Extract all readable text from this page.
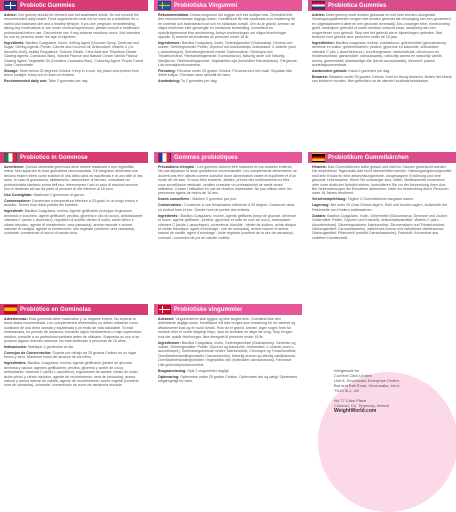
Probiotic Gummies

Advice: Our gummy should be chewed and not swallowed whole. Do not exceed the recommended daily intake. Food supplements must not be used as a substitute for a varied and balanced diet and a healthy lifestyle. If you are pregnant, breastfeeding, taking any medications or are under medical supervision, please consult a healthcare professional before use. Discontinue use if any adverse reactions occur. Not intended for use by persons under the age of eighteen.

Ingredients: Bacillus Coagulans, Inulin, Gelling Agent (Glucose Syrup, Dextrose and Sugar, Gelling Agents: Pectin, Carrots and Coconut oil, Antioxidant: Vitamin C (i.e. Ascorbic Acid), Acidity Regulators: Sodium Citrate, Citric Acid and Trisodium Citrate, Glazing Agents: Carnauba Wax), Natural Flavour and Natural Cream Vanilla Flavour, Glazing Agent: Vegetable Oil (Contains Carnauba Wax), Colouring Agent: Purple Carrot Juice Concentrate.

Storage: Store below 25 degrees Celsius. Keep in a cool, dry place and protect from direct sunlight. Keep out of reach of children.

Recommended daily use: Take 2 gummies per day.

Probiotiska Vingummi

Rekommendation: Dessa vingummi bör tuggas och inte sväljas hela. Överskrid inte den rekommenderade dagliga dosen. Kosttillskott får inte användas som ersättning för en varierad och balanserad kost och en hälsosam livsstil. Om du är gravid, ammar, tar några mediciner eller genomgår en medicinsk behandling, konsultera en sjukvårdspersonal före användning. Avbryt användningen om några biverkningar uppstår. Ej avsedd att användas av personer under 18 år.

Ingredienser: Bacillus Coagulans, Inulin, Geleringsmedel (Glukossirap, Dextros och socker, Geleringsmedel: Pektin, Glycerol och kokosnötolja, Antioxidant: C-vitamin (som L-askorbinsyra), Surhetsreglerande medel: Natriumcitrat, Citronsyra och Trinatriumcitrat, Ytbehandlingsmedel: Karnaubavax), Naturlig arom och Naturlig Vaniljarom, Ytbehandlingsmedel: Vegetabilisk olja (Innehåller Karnaubavax), Färgämne: Lila morotsjuicekoncentrat.

Förvaring: Förvaras under 25 grader Celsius. Förvaras torrt och svalt. Skyddas från direkt solljus. Förvaras utom räckhåll för barn.

Användning: Ta 2 gummies per dag.

Probiotica Gummies

Advies: Deze gummy moet worden gekauwd en niet heel worden doorgeslikt. Voedingssupplementen mogen niet worden gebruikt als vervanging van een gevarieerd en uitgebalanceerd dieet en een gezonde levensstijl. Als u zwanger bent, borstvoeding geeft, medicijnen gebruikt of onder medisch toezicht staat, raadpleeg dan een zorgverlener voor gebruik. Stop met het gebruik als er bijwerkingen optreden. Niet bedoeld voor gebruik door personen onder de 18 jaar.

Ingrediënten: Bacillus coagulans, inuline, voedselzuur, geleermiddel (glucosestroop, dextrose en suiker, geleermiddelen: pectine, glycerine en kokosolie, antioxidant: vitamine C (als L-ascorbinezuur), zuurteregelaars: natriumcitraat, citroenzuur en trinatriumcitraat, glansmiddel: carnaubawas), natuurlijk aroma en natuurlijk vanille-aroma, glansmiddel: plantaardige olie (bevat carnaubawas), kleurstof: paarse wortelsapconcentraat.

Aanbevolen gebruik: Kauw 2 gummies per dag.

Bewaren: Bewaren onder 25 graden Celsius. Koel en droog bewaren. Buiten het bereik van kinderen houden. Niet gebruiken na de uiterste houdbaarheidsdatum.

Probiotico in Gommose

Avvertenze: Questa caramella gommosa deve essere masticata e non inghiottita intera. Non superare la dose giornaliera raccomandata. Gli integratori alimentari non devono essere intesi come sostituti di una dieta varia ed equilibrata e di uno stile di vita sano. In caso di gravidanza, allattamento, assunzione di farmaci, consultare un professionista sanitario prima dell'uso. Interrompere l'uso in caso di reazioni avverse. Non è destinato all'uso da parte di persone di età inferiore ai 18 anni.

Uso Consigliato: Masticare 2 gommose al giorno.

Conservazione: Conservare a temperatura inferiore a 25 gradi, in un luogo fresco e asciutto. Tenere fuori dalla portata dei bambini.

Ingredienti: Bacillus Coagulans, Inulina, Agente gelificante (sciroppo di glucosio, destrosio e zucchero, agenti gelificanti: pectina, glicerina e olio di cocco), antiossidante: vitamina C (acido L-ascorbico), regolatori di acidità: citrato di sodio, acido citrico e citrato trisodico, agente di rivestimento: cera carnauba), aroma naturale e aroma naturale di vaniglia, agente di rivestimento: olio vegetale (contiene cera carnauba), colorante: concentrato di succo di carota viola.

Gommes probiotiques

Précautions d'emploi : Les gommes doivent être mâchées et non avalées entières. Ne pas dépasser la dose quotidienne recommandée. Les compléments alimentaires ne doivent pas être utilisés comme substitut d'une alimentation variée et équilibrée et d'un mode de vie sain. Si vous êtes enceinte, allaitez, prenez des médicaments ou êtes sous surveillance médicale, veuillez consulter un professionnel de santé avant utilisation. Cesser l'utilisation en cas de réaction indésirable. Ne pas utiliser chez les personnes âgées de moins de 18 ans.

Doses conseillées : Mâchez 2 gommes par jour.

Conservation : Conserver à une température inférieure à 25 degrés. Conserver dans un endroit frais et sec. Garder hors de portée des enfants.

Ingrédients : Bacillus Coagulans, Inuline, Agents gélifiants (sirop de glucose, dextrose et sucre, agents gélifiants : pectine, glycérine et huile de noix de coco), antioxydant : vitamine C (acide L-ascorbique), correcteurs d'acidité : citrate de sodium, acide citrique et citrate trisodique, agent d'enrobage : cire de carnauba), arôme naturel et arôme naturel de vanille, agent d'enrobage : huile végétale (contient de la cire de carnauba), colorant : concentré de jus de carotte violette.

Probiotikum Gummibärchen

Hinweis: Das Gummibärchen sollte gekaut und nicht im Ganzen geschluckt werden. Die empfohlene Tagesdosis darf nicht überschritten werden. Nahrungsergänzungsmittel sind kein Ersatz für eine abwechslungsreiche, ausgewogene Ernährung und eine gesunde Lebensweise. Wenn Sie schwanger sind, stillen, Medikamente einnehmen oder unter ärztlicher Aufsicht stehen, konsultieren Sie vor der Anwendung Ihren Arzt. Bei Nebenwirkungen die Einnahme abbrechen. Nicht zur Anwendung durch Personen unter 18 Jahren bestimmt.

Verzehrempfehlung: Täglich 2 Gummibärchen langsam kauen.

Lagerung: Bei unter 25 Grad Celsius lagern. Kühl und trocken lagern. Außerhalb der Reichweite von Kindern aufbewahren.

Zutaten: Bacillus Coagulans, Inulin, Geliermittel (Glukosesirup, Dextrose und Zucker, Geliermittel: Pektin, Glycerin und Kokosöl), Antioxidationsmittel: Vitamin C (als L-Ascorbinsäure), Säureregulatoren: Natriumcitrat, Zitronensäure und Trinatriumcitrat, Überzugsmittel: Carnaubawachs), natürliches Aroma und natürliches Vanillearoma, Überzugsmittel: Pflanzenöl (enthält Carnaubawachs), Farbstoff: Konzentrat aus violettem Karottensaft.

Probiótico en Gominolas

Advertencias: Esta gominola debe masticarse y no tragarse entera. No superar la dosis diaria recomendada. Los complementos alimenticios no deben utilizarse como sustitutos de una dieta variada y equilibrada y un estilo de vida saludable. Si está embarazada, en periodo de lactancia, tomando algún medicamento o bajo supervisión médica, consulte a un profesional sanitario antes de utilizarlo. Suspenda su uso si se produce alguna reacción adversa. No está destinado a personas de 18 años.

Indicaciones: Mastique 2 gominolas al día.

Consejos de Conservación: Guarde por debajo de 25 grados Celsius en un lugar fresco y seco. Mantener fuera del alcance de los niños.

Ingredientes: Bacillus Coagulans, Inulina, Agente gelificante (jarabe de glucosa, dextrosa y azúcar, agentes gelificantes: pectina, glicerina y aceite de coco), antioxidante: vitamina C (ácido L-ascórbico), reguladores de acidez: citrato de sodio, ácido cítrico y citrato trisódico, agente de recubrimiento: cera de carnauba), aroma natural y aroma natural de vainilla, agente de recubrimiento: aceite vegetal (contiene cera de carnauba), colorante: concentrado de zumo de zanahoria morada.

Probiotiske vingummier

Advarsel: Vingummierne skal tygges og ikke sluges hele. Overskrid ikke den anbefalede daglige dosis. Kosttilskud må ikke bruges som erstatning for en varieret og afbalanceret kost og en sund livsstil. Hvis du er gravid, ammer, tager nogen form for medicin eller er under lægeligt tilsyn, skal du kontakte en læge før brug. Stop brugen hvis der opstår bivirkninger. Ikke beregnet til personer under 18 år.

Ingredienser: Bacillus Coagulans, Inulin, Geleringsmiddel (Glukosesirup, Dextrose og sukker, Geleringsmidler: Pektin, Glycerol og kokosolie), Antioxidant: C-vitamin (som L-ascorbinsyre), Surhedsregulerende midler: Natriumcitrat, Citronsyre og Trinatriumcitrat, Overfladebehandlingsmiddel: Carnaubavoks), Naturlig aroma og naturlig vaniljearoma, Overfladebehandlingsmiddel: Vegetabilsk olie (indeholder carnaubavoks), Farvestof: Lilla gulerodsjuicekoncentrat.

Brugsanvisning: Spis 2 vingummier dagligt.

Opbevaring: Opbevares under 25 grader Celsius. Opbevares tørt og køligt. Opbevares utilgængeligt for børn.

Weightwolf for
Comfort Click Limited
Unit 8, Sevenoaks Enterprise Centre,
Bat and Ball Road, Sevenoaks, Kent,
TN14 5LJ, UK

No.77 Coke Place
Clonmel, Co. Tipperary, Ireland
WeightWorld.com
